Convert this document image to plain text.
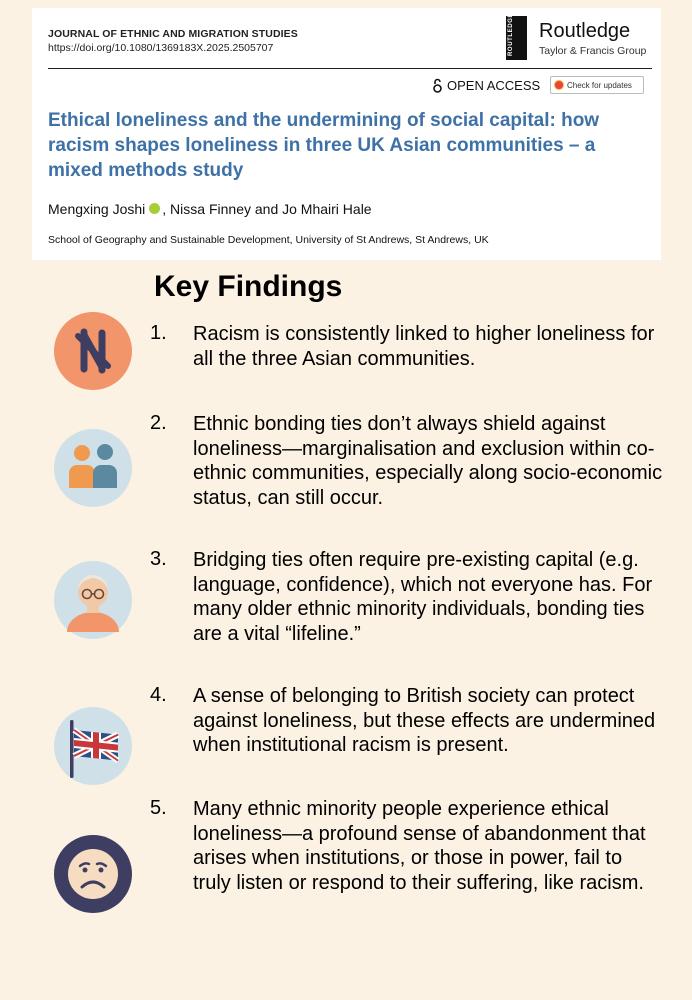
JOURNAL OF ETHNIC AND MIGRATION STUDIES
https://doi.org/10.1080/1369183X.2025.2505707	ROUTLEDGE Routledge
Taylor & Francis Group
OPEN ACCESS	Check for updates
Ethical loneliness and the undermining of social capital: how racism shapes loneliness in three UK Asian communities – a mixed methods study
Mengxing Joshi , Nissa Finney and Jo Mhairi Hale
School of Geography and Sustainable Development, University of St Andrews, St Andrews, UK
Key Findings
1. Racism is consistently linked to higher loneliness for all the three Asian communities.

2. Ethnic bonding ties don’t always shield against loneliness—marginalisation and exclusion within co-ethnic communities, especially along socio-economic status, can still occur.

3. Bridging ties often require pre-existing capital (e.g. language, confidence), which not everyone has. For many older ethnic minority individuals, bonding ties are a vital “lifeline.”

4. A sense of belonging to British society can protect against loneliness, but these effects are undermined when institutional racism is present.

5. Many ethnic minority people experience ethical loneliness—a profound sense of abandonment that arises when institutions, or those in power, fail to truly listen or respond to their suffering, like racism.
